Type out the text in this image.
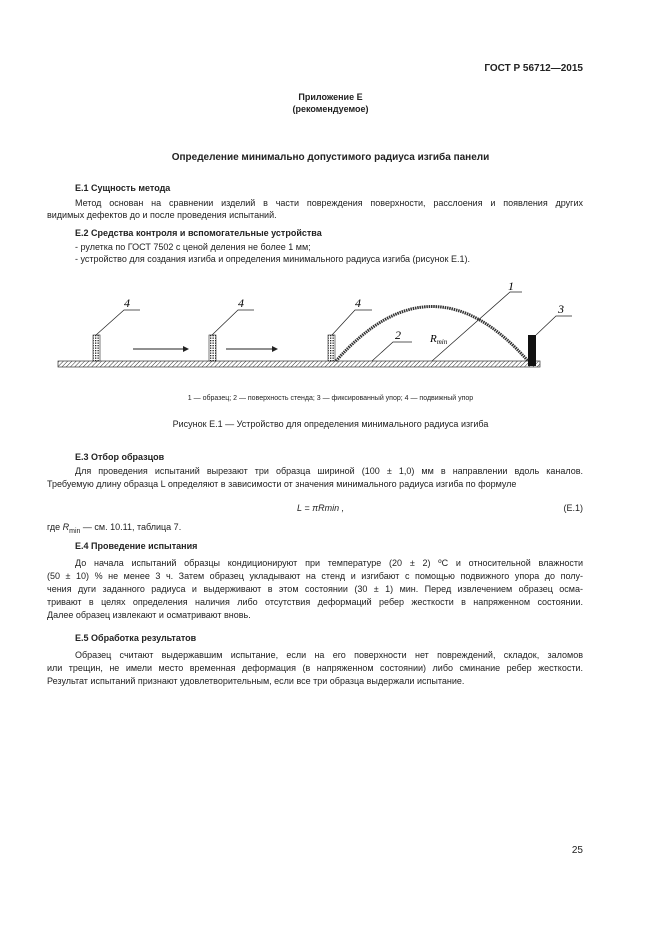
ГОСТ Р 56712—2015
Приложение Е
(рекомендуемое)
Определение минимально допустимого радиуса изгиба панели
Е.1 Сущность метода
Метод основан на сравнении изделий в части повреждения поверхности, расслоения и появления других
видимых дефектов до и после проведения испытаний.
Е.2 Средства контроля и вспомогательные устройства
- рулетка по ГОСТ 7502 с ценой деления не более 1 мм;
- устройство для создания изгиба и определения минимального радиуса изгиба (рисунок Е.1).
4	4	4	3
2
1
Rmin
1 — образец; 2 — поверхность стенда; 3 — фиксированный упор; 4 — подвижный упор
Рисунок Е.1 — Устройство для определения минимального радиуса изгиба
Е.3 Отбор образцов
Для проведения испытаний вырезают три образца шириной (100 ± 1,0) мм в направлении вдоль каналов.
Требуемую длину образца L определяют в зависимости от значения минимального радиуса изгиба по формуле
L = πRmin ,	(Е.1)
где $R_{min}$ — см. 10.11, таблица 7.
Е.4 Проведение испытания
До начала испытаний образцы кондиционируют при температуре (20 ± 2) ºС и относительной влажности
(50 ± 10) % не менее 3 ч. Затем образец укладывают на стенд и изгибают с помощью подвижного упора до полу-
чения дуги заданного радиуса и выдерживают в этом состоянии (30 ± 1) мин. Перед извлечением образец осма-
тривают в целях определения наличия либо отсутствия деформаций ребер жесткости в напряженном состоянии.
Далее образец извлекают и осматривают вновь.
Е.5 Обработка результатов
Образец считают выдержавшим испытание, если на его поверхности нет повреждений, складок, заломов
или трещин, не имели место временная деформация (в напряженном состоянии) либо сминание ребер жесткости.
Результат испытаний признают удовлетворительным, если все три образца выдержали испытание.
25
